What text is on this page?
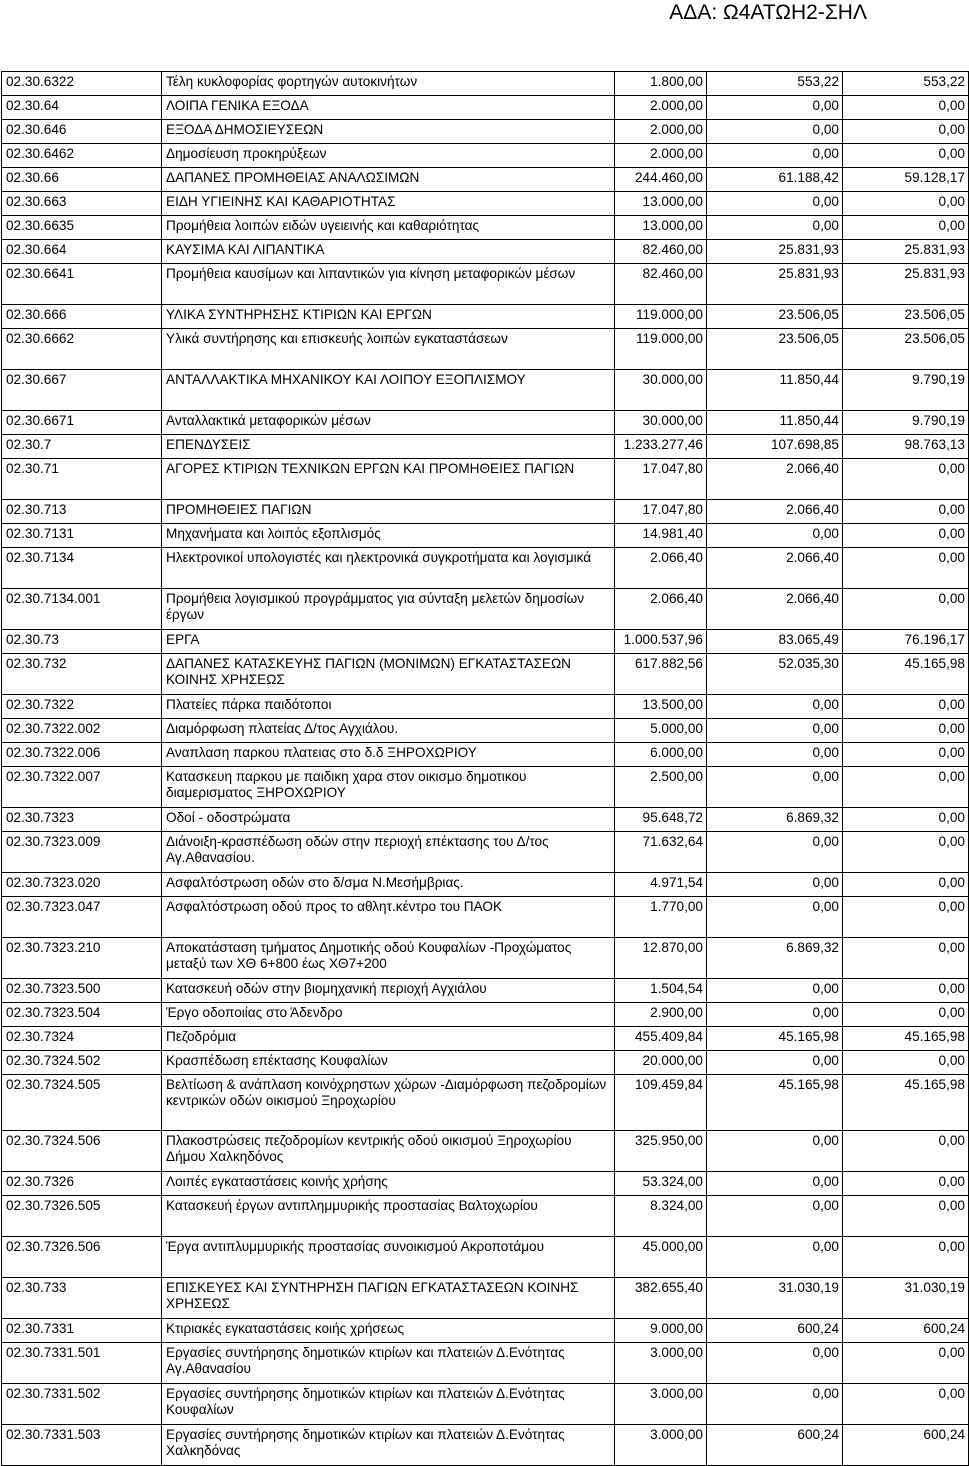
ΑΔΑ: Ω4ΑΤΩΗ2-ΣΗΛ
02.30.6322	Τέλη κυκλοφορίας φορτηγών αυτοκινήτων	1.800,00	553,22	553,22
02.30.64	ΛΟΙΠΑ ΓΕΝΙΚΑ ΕΞΟΔΑ	2.000,00	0,00	0,00
02.30.646	ΕΞΟΔΑ ΔΗΜΟΣΙΕΥΣΕΩΝ	2.000,00	0,00	0,00
02.30.6462	Δημοσίευση προκηρύξεων	2.000,00	0,00	0,00
02.30.66	ΔΑΠΑΝΕΣ ΠΡΟΜΗΘΕΙΑΣ ΑΝΑΛΩΣΙΜΩΝ	244.460,00	61.188,42	59.128,17
02.30.663	ΕΙΔΗ ΥΓΙΕΙΝΗΣ ΚΑΙ ΚΑΘΑΡΙΟΤΗΤΑΣ	13.000,00	0,00	0,00
02.30.6635	Προμήθεια λοιπών ειδών υγειεινής και καθαριότητας	13.000,00	0,00	0,00
02.30.664	ΚΑΥΣΙΜΑ ΚΑΙ ΛΙΠΑΝΤΙΚΑ	82.460,00	25.831,93	25.831,93
02.30.6641	Προμήθεια καυσίμων και λιπαντικών για κίνηση μεταφορικών μέσων	82.460,00	25.831,93	25.831,93
02.30.666	ΥΛΙΚΑ ΣΥΝΤΗΡΗΣΗΣ ΚΤΙΡΙΩΝ ΚΑΙ ΕΡΓΩΝ	119.000,00	23.506,05	23.506,05
02.30.6662	Υλικά συντήρησης και επισκευής λοιπών εγκαταστάσεων	119.000,00	23.506,05	23.506,05
02.30.667	ΑΝΤΑΛΛΑΚΤΙΚΑ ΜΗΧΑΝΙΚΟΥ ΚΑΙ ΛΟΙΠΟΥ ΕΞΟΠΛΙΣΜΟΥ	30.000,00	11.850,44	9.790,19
02.30.6671	Ανταλλακτικά μεταφορικών μέσων	30.000,00	11.850,44	9.790,19
02.30.7	ΕΠΕΝΔΥΣΕΙΣ	1.233.277,46	107.698,85	98.763,13
02.30.71	ΑΓΟΡΕΣ ΚΤΙΡΙΩΝ ΤΕΧΝΙΚΩΝ ΕΡΓΩΝ ΚΑΙ ΠΡΟΜΗΘΕΙΕΣ ΠΑΓΙΩΝ	17.047,80	2.066,40	0,00
02.30.713	ΠΡΟΜΗΘΕΙΕΣ ΠΑΓΙΩΝ	17.047,80	2.066,40	0,00
02.30.7131	Μηχανήματα και λοιπός εξοπλισμός	14.981,40	0,00	0,00
02.30.7134	Ηλεκτρονικοί υπολογιστές και ηλεκτρονικά συγκροτήματα και λογισμικά	2.066,40	2.066,40	0,00
02.30.7134.001	Προμήθεια λογισμικού προγράμματος για σύνταξη μελετών δημοσίων έργων	2.066,40	2.066,40	0,00
02.30.73	ΕΡΓΑ	1.000.537,96	83.065,49	76.196,17
02.30.732	ΔΑΠΑΝΕΣ ΚΑΤΑΣΚΕΥΗΣ ΠΑΓΙΩΝ (ΜΟΝΙΜΩΝ) ΕΓΚΑΤΑΣΤΑΣΕΩΝ ΚΟΙΝΗΣ ΧΡΗΣΕΩΣ	617.882,56	52.035,30	45.165,98
02.30.7322	Πλατείες πάρκα παιδότοποι	13.500,00	0,00	0,00
02.30.7322.002	Διαμόρφωση πλατείας Δ/τος Αγχιάλου.	5.000,00	0,00	0,00
02.30.7322.006	Αναπλαση παρκου πλατειας στο δ.δ ΞΗΡΟΧΩΡΙΟΥ	6.000,00	0,00	0,00
02.30.7322.007	Κατασκευη παρκου με παιδικη χαρα στον οικισμο δημοτικου διαμερισματος ΞΗΡΟΧΩΡΙΟΥ	2.500,00	0,00	0,00
02.30.7323	Οδοί - οδοστρώματα	95.648,72	6.869,32	0,00
02.30.7323.009	Διάνοιξη-κρασπέδωση οδών στην περιοχή επέκτασης του Δ/τος Αγ.Αθανασίου.	71.632,64	0,00	0,00
02.30.7323.020	Ασφαλτόστρωση οδών στο δ/σμα Ν.Μεσήμβριας.	4.971,54	0,00	0,00
02.30.7323.047	Ασφαλτόστρωση οδού προς το αθλητ.κέντρο του ΠΑΟΚ	1.770,00	0,00	0,00
02.30.7323.210	Αποκατάσταση τμήματος Δημοτικής οδού Κουφαλίων -Προχώματος μεταξύ των ΧΘ 6+800 έως ΧΘ7+200	12.870,00	6.869,32	0,00
02.30.7323.500	Κατασκευή οδών στην βιομηχανική περιοχή Αγχιάλου	1.504,54	0,00	0,00
02.30.7323.504	Έργο οδοποιίας στο Άδενδρο	2.900,00	0,00	0,00
02.30.7324	Πεζοδρόμια	455.409,84	45.165,98	45.165,98
02.30.7324.502	Κρασπέδωση επέκτασης Κουφαλίων	20.000,00	0,00	0,00
02.30.7324.505	Βελτίωση & ανάπλαση κοινόχρηστων χώρων -Διαμόρφωση πεζοδρομίων κεντρικών οδών οικισμού Ξηροχωρίου	109.459,84	45.165,98	45.165,98
02.30.7324.506	Πλακοστρώσεις πεζοδρομίων κεντρικής οδού οικισμού Ξηροχωρίου Δήμου Χαλκηδόνος	325.950,00	0,00	0,00
02.30.7326	Λοιπές εγκαταστάσεις κοινής χρήσης	53.324,00	0,00	0,00
02.30.7326.505	Κατασκευή έργων αντιπλημμυρικής προστασίας Βαλτοχωρίου	8.324,00	0,00	0,00
02.30.7326.506	Έργα αντιπλυμμυρικής προστασίας συνοικισμού Ακροποτάμου	45.000,00	0,00	0,00
02.30.733	ΕΠΙΣΚΕΥΕΣ ΚΑΙ ΣΥΝΤΗΡΗΣΗ ΠΑΓΙΩΝ ΕΓΚΑΤΑΣΤΑΣΕΩΝ ΚΟΙΝΗΣ ΧΡΗΣΕΩΣ	382.655,40	31.030,19	31.030,19
02.30.7331	Κτιριακές εγκαταστάσεις κοιής χρήσεως	9.000,00	600,24	600,24
02.30.7331.501	Εργασίες συντήρησης δημοτικών κτιρίων και πλατειών Δ.Ενότητας Αγ.Αθανασίου	3.000,00	0,00	0,00
02.30.7331.502	Εργασίες συντήρησης δημοτικών κτιρίων και πλατειών Δ.Ενότητας Κουφαλίων	3.000,00	0,00	0,00
02.30.7331.503	Εργασίες συντήρησης δημοτικών κτιρίων και πλατειών Δ.Ενότητας Χαλκηδόνας	3.000,00	600,24	600,24
